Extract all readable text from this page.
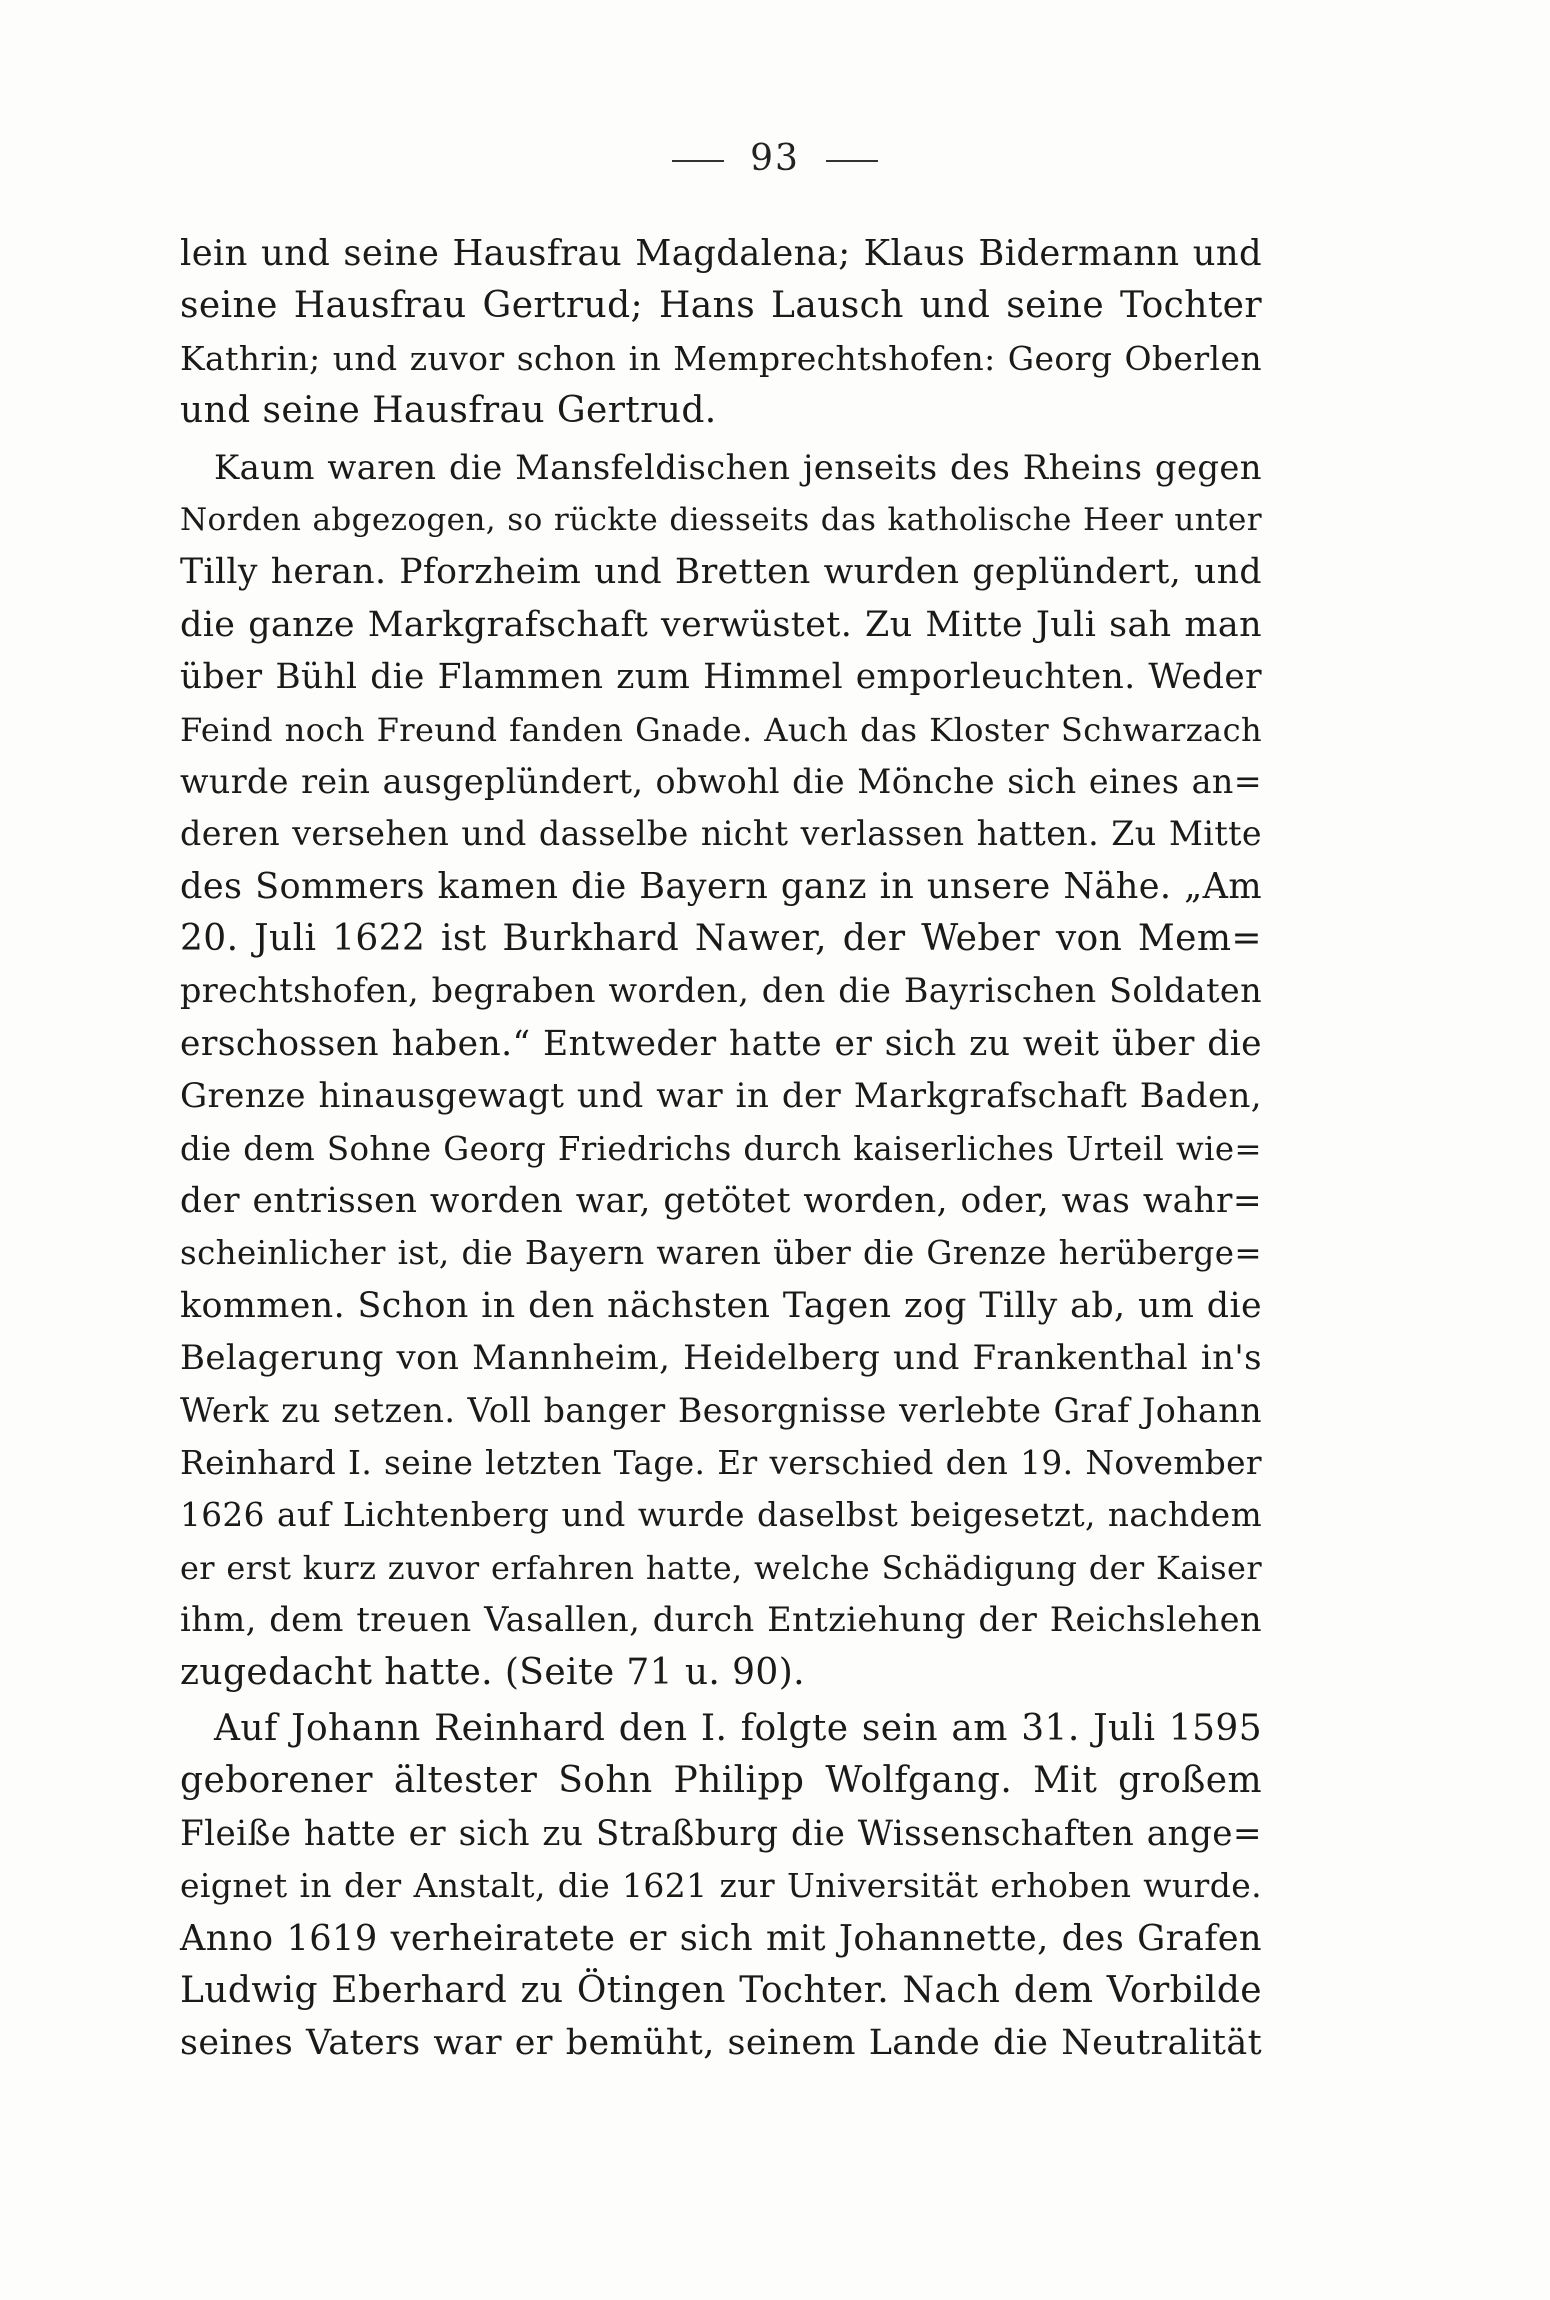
93
lein und seine Hausfrau Magdalena; Klaus Bidermann und
seine Hausfrau Gertrud; Hans Lausch und seine Tochter
Kathrin; und zuvor schon in Memprechtshofen: Georg Oberlen
und seine Hausfrau Gertrud.
Kaum waren die Mansfeldischen jenseits des Rheins gegen
Norden abgezogen, so rückte diesseits das katholische Heer unter
Tilly heran. Pforzheim und Bretten wurden geplündert, und
die ganze Markgrafschaft verwüstet. Zu Mitte Juli sah man
über Bühl die Flammen zum Himmel emporleuchten. Weder
Feind noch Freund fanden Gnade. Auch das Kloster Schwarzach
wurde rein ausgeplündert, obwohl die Mönche sich eines an=
deren versehen und dasselbe nicht verlassen hatten. Zu Mitte
des Sommers kamen die Bayern ganz in unsere Nähe. „Am
20. Juli 1622 ist Burkhard Nawer, der Weber von Mem=
prechtshofen, begraben worden, den die Bayrischen Soldaten
erschossen haben.“ Entweder hatte er sich zu weit über die
Grenze hinausgewagt und war in der Markgrafschaft Baden,
die dem Sohne Georg Friedrichs durch kaiserliches Urteil wie=
der entrissen worden war, getötet worden, oder, was wahr=
scheinlicher ist, die Bayern waren über die Grenze herüberge=
kommen. Schon in den nächsten Tagen zog Tilly ab, um die
Belagerung von Mannheim, Heidelberg und Frankenthal in's
Werk zu setzen. Voll banger Besorgnisse verlebte Graf Johann
Reinhard I. seine letzten Tage. Er verschied den 19. November
1626 auf Lichtenberg und wurde daselbst beigesetzt, nachdem
er erst kurz zuvor erfahren hatte, welche Schädigung der Kaiser
ihm, dem treuen Vasallen, durch Entziehung der Reichslehen
zugedacht hatte. (Seite 71 u. 90).
Auf Johann Reinhard den I. folgte sein am 31. Juli 1595
geborener ältester Sohn Philipp Wolfgang. Mit großem
Fleiße hatte er sich zu Straßburg die Wissenschaften ange=
eignet in der Anstalt, die 1621 zur Universität erhoben wurde.
Anno 1619 verheiratete er sich mit Johannette, des Grafen
Ludwig Eberhard zu Ötingen Tochter. Nach dem Vorbilde
seines Vaters war er bemüht, seinem Lande die Neutralität
